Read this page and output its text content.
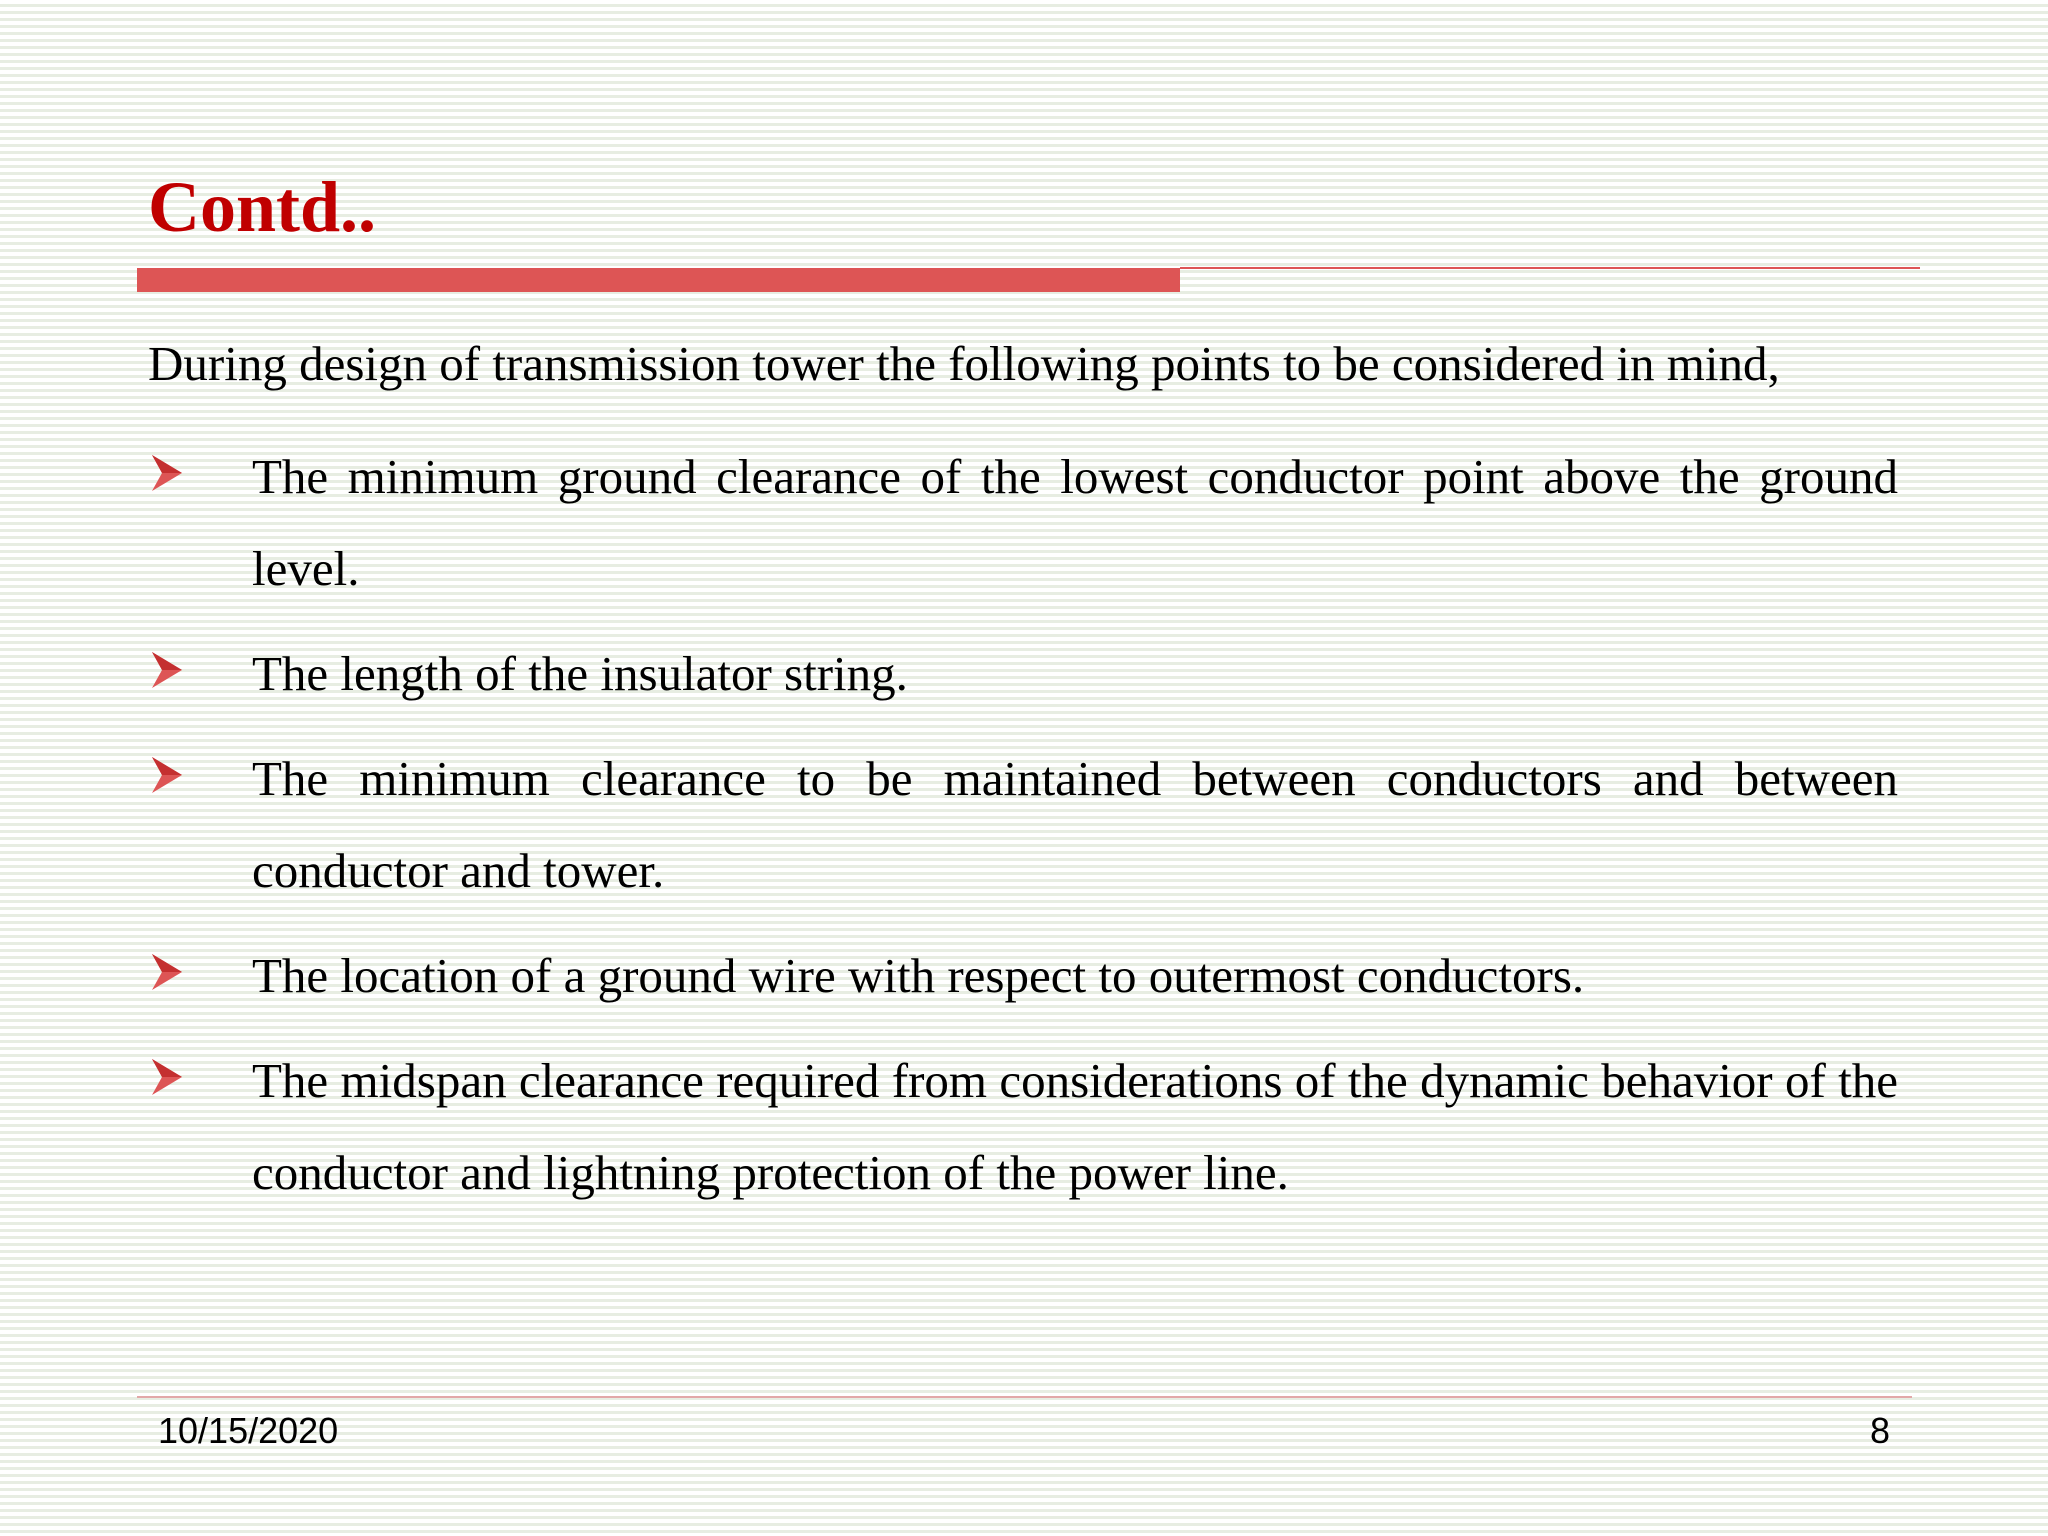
Contd..

During design of transmission tower the following points to be considered in mind,

The minimum ground clearance of the lowest conductor point above the ground level.
The length of the insulator string.
The minimum clearance to be maintained between conductors and between conductor and tower.
The location of a ground wire with respect to outermost conductors.
The midspan clearance required from considerations of the dynamic behavior of the conductor and lightning protection of the power line.
10/15/2020	8
